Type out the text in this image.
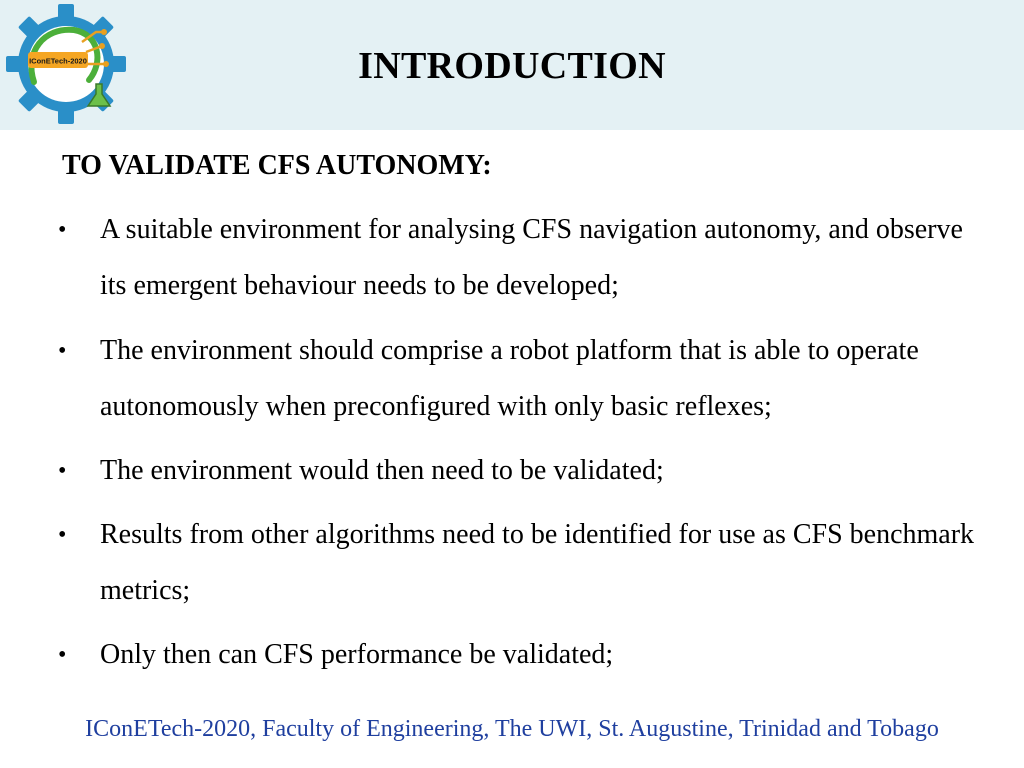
IConETech-2020	INTRODUCTION
TO VALIDATE CFS AUTONOMY:
• A suitable environment for analysing CFS navigation autonomy, and observe its emergent behaviour needs to be developed;
• The environment should comprise a robot platform that is able to operate autonomously when preconfigured with only basic reflexes;
• The environment would then need to be validated;
• Results from other algorithms need to be identified for use as CFS benchmark metrics;
• Only then can CFS performance be validated;
IConETech-2020, Faculty of Engineering, The UWI, St. Augustine, Trinidad and Tobago
